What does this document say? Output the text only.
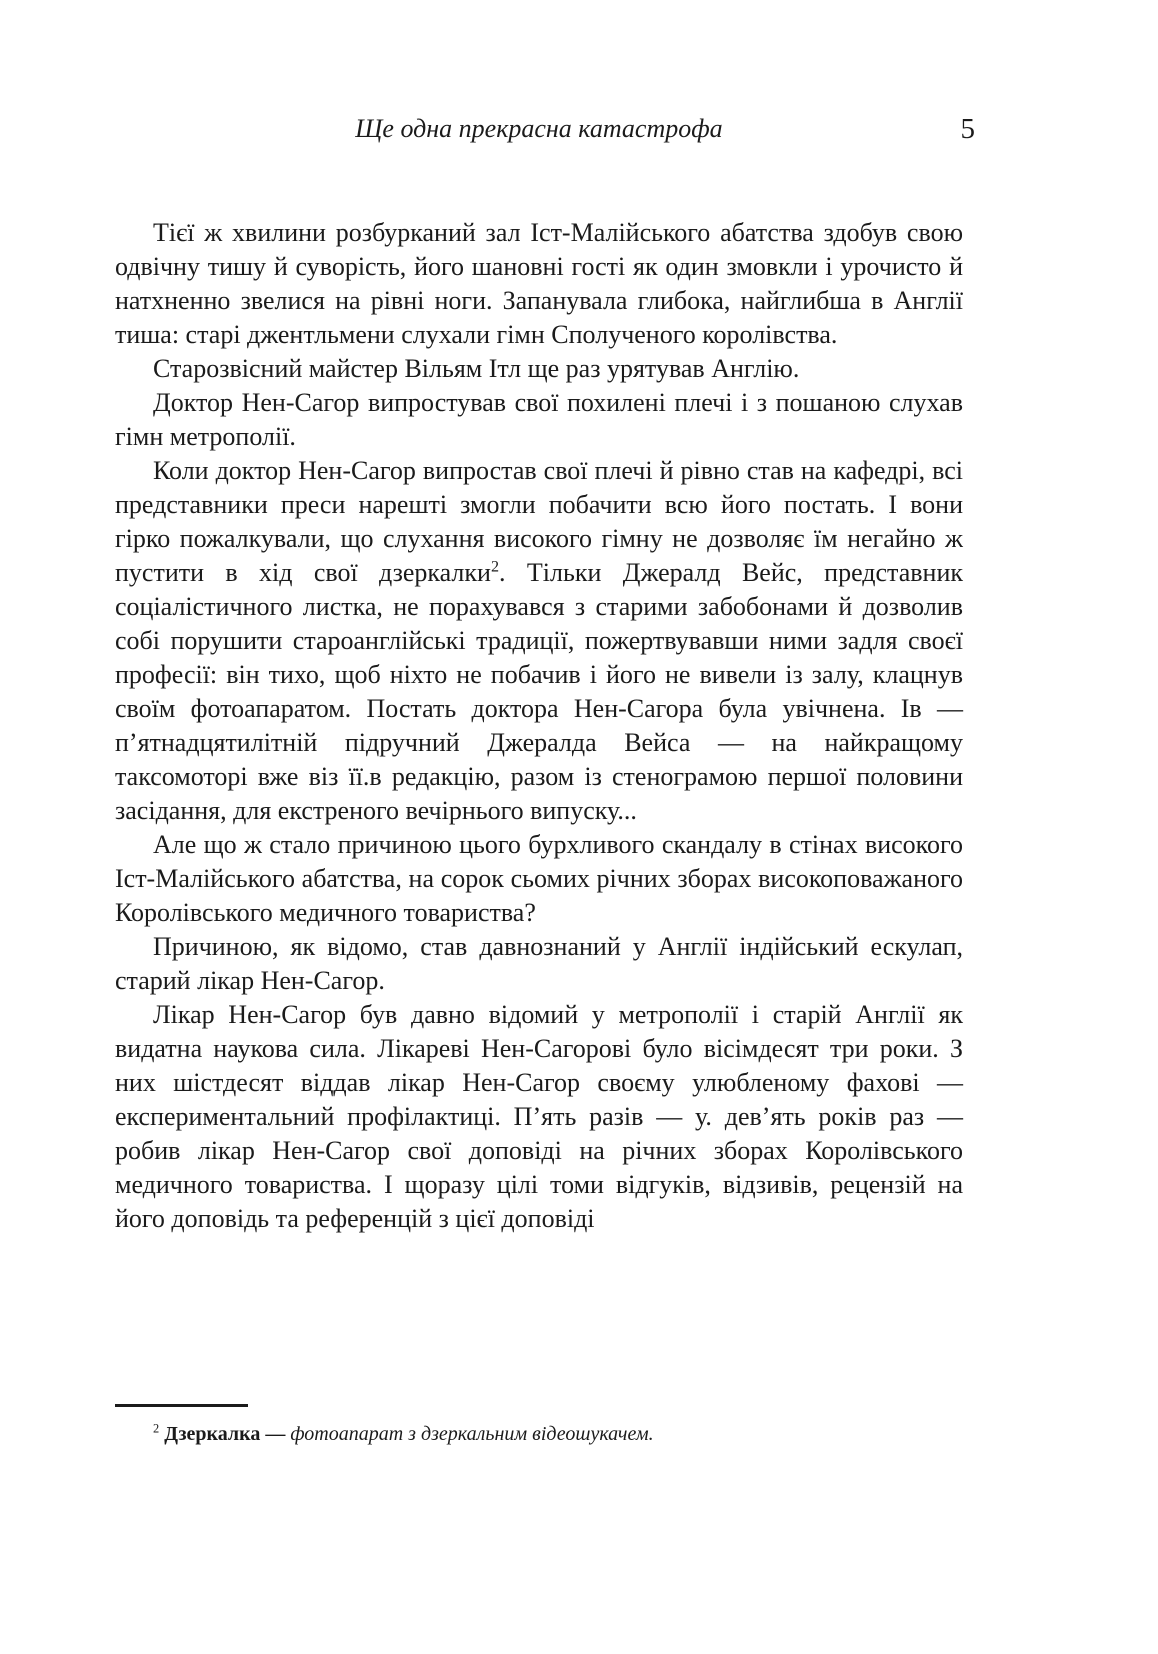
Ще одна прекрасна катастрофа	5

Тієї ж хвилини розбурканий зал Іст-Малійського абатства здобув свою одвічну тишу й суворість, його шановні гості як один змовкли і урочисто й натхненно звелися на рівні ноги. Запанувала глибока, найглибша в Англії тиша: старі джентльмени слухали гімн Сполученого королівства.

Старозвісний майстер Вільям Ітл ще раз урятував Англію.

Доктор Нен-Сагор випростував свої похилені плечі і з пошаною слухав гімн метрополії.

Коли доктор Нен-Сагор випростав свої плечі й рівно став на кафедрі, всі представники преси нарешті змогли побачити всю його постать. І вони гірко пожалкували, що слухання високого гімну не дозволяє їм негайно ж пустити в хід свої дзеркалки$^2$. Тільки Джералд Вейс, представник соціалістичного листка, не порахувався з старими забобонами й дозволив собі порушити староанглійські традиції, пожертвувавши ними задля своєї професії: він тихо, щоб ніхто не побачив і його не вивели із залу, клацнув своїм фотоапаратом. Постать доктора Нен-Сагора була увічнена. Ів — п’ятнадцятилітній підручний Джералда Вейса — на найкращому таксомоторі вже віз її.в редакцію, разом із стенограмою першої половини засідання, для екстреного вечірнього випуску...

Але що ж стало причиною цього бурхливого скандалу в стінах високого Іст-Малійського абатства, на сорок сьомих річних зборах високоповажаного Королівського медичного товариства?

Причиною, як відомо, став давнознаний у Англії індійський ескулап, старий лікар Нен-Сагор.

Лікар Нен-Сагор був давно відомий у метрополії і старій Англії як видатна наукова сила. Лікареві Нен-Сагорові було вісімдесят три роки. З них шістдесят віддав лікар Нен-Сагор своєму улюбленому фахові — експериментальний профілактиці. П’ять разів — у. дев’ять років раз — робив лікар Нен-Сагор свої доповіді на річних зборах Королівського медичного товариства. І щоразу цілі томи відгуків, відзивів, рецензій на його доповідь та референцій з цієї доповіді

$^2$ Дзеркалка — фотоапарат з дзеркальним відеошукачем.
